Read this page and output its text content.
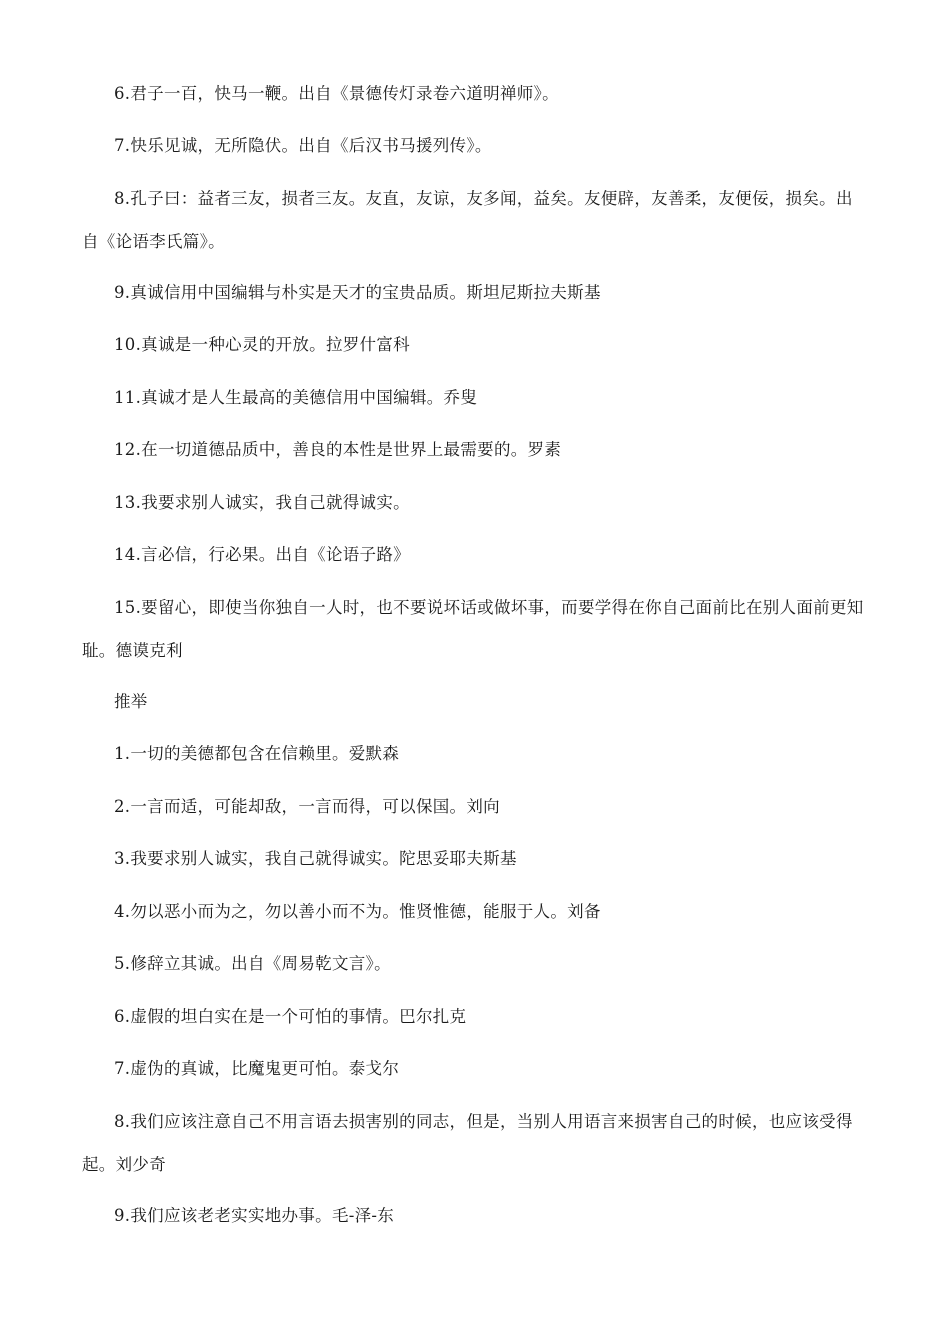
6.君子一百，快马一鞭。出自《景德传灯录卷六道明禅师》。

7.快乐见诚，无所隐伏。出自《后汉书马援列传》。

8.孔子曰：益者三友，损者三友。友直，友谅，友多闻，益矣。友便辟，友善柔，友便佞，损矣。出自《论语李氏篇》。

9.真诚信用中国编辑与朴实是天才的宝贵品质。斯坦尼斯拉夫斯基

10.真诚是一种心灵的开放。拉罗什富科

11.真诚才是人生最高的美德信用中国编辑。乔叟

12.在一切道德品质中，善良的本性是世界上最需要的。罗素

13.我要求别人诚实，我自己就得诚实。

14.言必信，行必果。出自《论语子路》

15.要留心，即使当你独自一人时，也不要说坏话或做坏事，而要学得在你自己面前比在别人面前更知耻。德谟克利

推举

1.一切的美德都包含在信赖里。爱默森

2.一言而适，可能却敌，一言而得，可以保国。刘向

3.我要求别人诚实，我自己就得诚实。陀思妥耶夫斯基

4.勿以恶小而为之，勿以善小而不为。惟贤惟德，能服于人。刘备

5.修辞立其诚。出自《周易乾文言》。

6.虚假的坦白实在是一个可怕的事情。巴尔扎克

7.虚伪的真诚，比魔鬼更可怕。泰戈尔

8.我们应该注意自己不用言语去损害别的同志，但是，当别人用语言来损害自己的时候，也应该受得起。刘少奇

9.我们应该老老实实地办事。毛-泽-东
